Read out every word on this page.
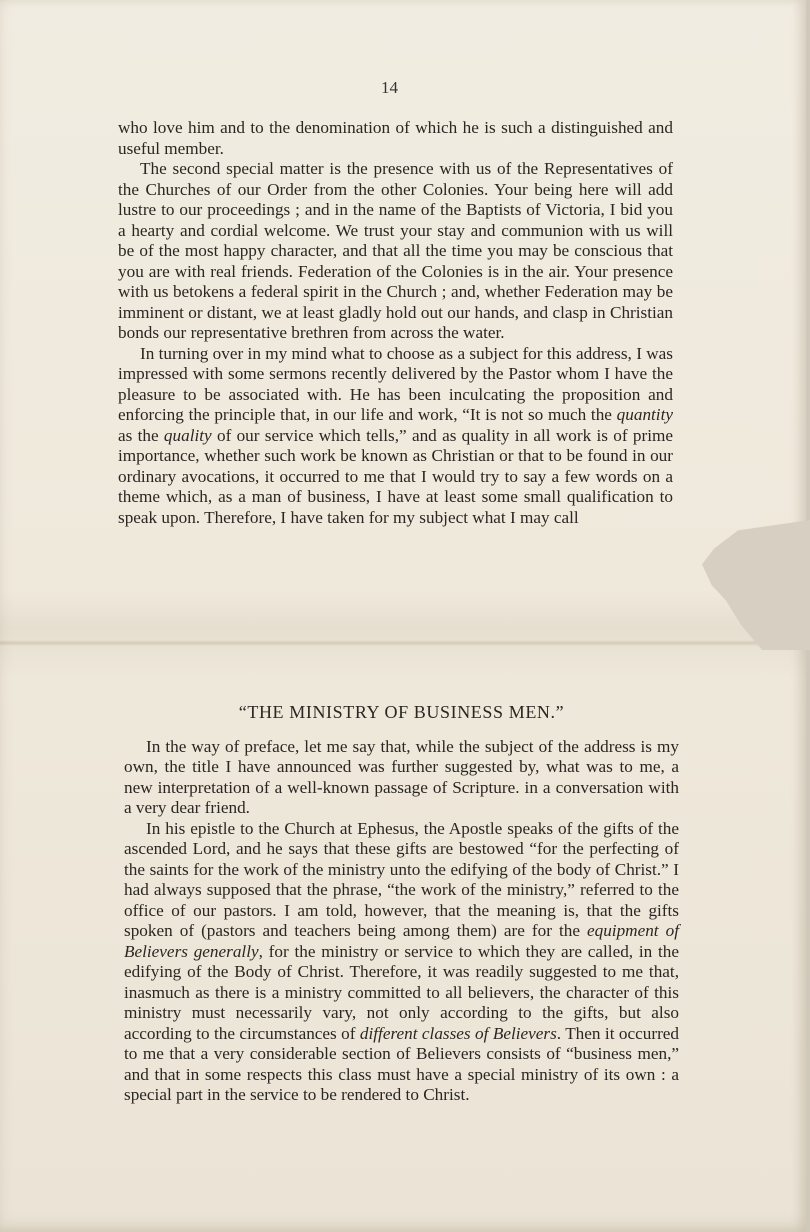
14

who love him and to the denomination of which he is such a distinguished and useful member.

The second special matter is the presence with us of the Representatives of the Churches of our Order from the other Colonies. Your being here will add lustre to our proceedings ; and in the name of the Baptists of Victoria, I bid you a hearty and cordial welcome. We trust your stay and communion with us will be of the most happy character, and that all the time you may be conscious that you are with real friends. Federation of the Colonies is in the air. Your presence with us betokens a federal spirit in the Church ; and, whether Federation may be imminent or distant, we at least gladly hold out our hands, and clasp in Christian bonds our representative brethren from across the water.

In turning over in my mind what to choose as a subject for this address, I was impressed with some sermons recently delivered by the Pastor whom I have the pleasure to be associated with. He has been inculcating the proposition and enforcing the principle that, in our life and work, “It is not so much the quantity as the quality of our service which tells,” and as quality in all work is of prime importance, whether such work be known as Christian or that to be found in our ordinary avocations, it occurred to me that I would try to say a few words on a theme which, as a man of business, I have at least some small qualification to speak upon. Therefore, I have taken for my subject what I may call

“THE MINISTRY OF BUSINESS MEN.”

In the way of preface, let me say that, while the subject of the address is my own, the title I have announced was further suggested by, what was to me, a new interpretation of a well-known passage of Scripture. in a conversation with a very dear friend.

In his epistle to the Church at Ephesus, the Apostle speaks of the gifts of the ascended Lord, and he says that these gifts are bestowed “for the perfecting of the saints for the work of the ministry unto the edifying of the body of Christ.” I had always supposed that the phrase, “the work of the ministry,” referred to the office of our pastors. I am told, however, that the meaning is, that the gifts spoken of (pastors and teachers being among them) are for the equipment of Believers generally, for the ministry or service to which they are called, in the edifying of the Body of Christ. Therefore, it was readily suggested to me that, inasmuch as there is a ministry committed to all believers, the character of this ministry must necessarily vary, not only according to the gifts, but also according to the circumstances of different classes of Believers. Then it occurred to me that a very considerable section of Believers consists of “business men,” and that in some respects this class must have a special ministry of its own : a special part in the service to be rendered to Christ.
